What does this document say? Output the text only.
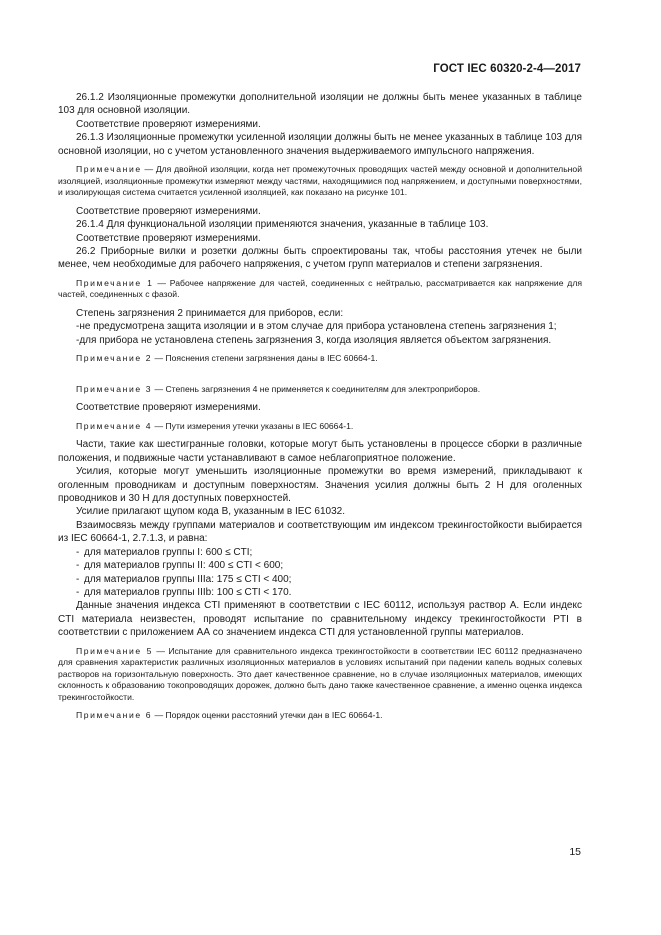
ГОСТ IEC 60320-2-4—2017

26.1.2 Изоляционные промежутки дополнительной изоляции не должны быть менее указанных в таблице 103 для основной изоляции.

Соответствие проверяют измерениями.

26.1.3 Изоляционные промежутки усиленной изоляции должны быть не менее указанных в таблице 103 для основной изоляции, но с учетом установленного значения выдерживаемого импульсного напряжения.

Примечание — Для двойной изоляции, когда нет промежуточных проводящих частей между основной и дополнительной изоляцией, изоляционные промежутки измеряют между частями, находящимися под напряжением, и доступными поверхностями, и изолирующая система считается усиленной изоляцией, как показано на рисунке 101.

Соответствие проверяют измерениями.

26.1.4 Для функциональной изоляции применяются значения, указанные в таблице 103.

Соответствие проверяют измерениями.

26.2 Приборные вилки и розетки должны быть спроектированы так, чтобы расстояния утечек не были менее, чем необходимые для рабочего напряжения, с учетом групп материалов и степени загрязнения.

Примечание 1 — Рабочее напряжение для частей, соединенных с нейтралью, рассматривается как напряжение для частей, соединенных с фазой.

Степень загрязнения 2 принимается для приборов, если:

-не предусмотрена защита изоляции и в этом случае для прибора установлена степень загрязнения 1;

-для прибора не установлена степень загрязнения 3, когда изоляция является объектом загрязнения.

Примечание 2 — Пояснения степени загрязнения даны в IEC 60664-1.

Примечание 3 — Степень загрязнения 4 не применяется к соединителям для электроприборов.

Соответствие проверяют измерениями.

Примечание 4 — Пути измерения утечки указаны в IEC 60664-1.

Части, такие как шестигранные головки, которые могут быть установлены в процессе сборки в различные положения, и подвижные части устанавливают в самое неблагоприятное положение.

Усилия, которые могут уменьшить изоляционные промежутки во время измерений, прикладывают к оголенным проводникам и доступным поверхностям. Значения усилия должны быть 2 Н для оголенных проводников и 30 Н для доступных поверхностей.

Усилие прилагают щупом кода В, указанным в IEC 61032.

Взаимосвязь между группами материалов и соответствующим им индексом трекингостойкости выбирается из IEC 60664-1, 2.7.1.3, и равна:

- для материалов группы I: 600 ≤ CTI;

- для материалов группы II: 400 ≤ CTI < 600;

- для материалов группы IIIa: 175 ≤ CTI < 400;

- для материалов группы IIIb: 100 ≤ CTI < 170.

Данные значения индекса CTI применяют в соответствии с IEC 60112, используя раствор А. Если индекс CTI материала неизвестен, проводят испытание по сравнительному индексу трекингостойкости PTI в соответствии с приложением АА со значением индекса CTI для установленной группы материалов.

Примечание 5 — Испытание для сравнительного индекса трекингостойкости в соответствии IEC 60112 предназначено для сравнения характеристик различных изоляционных материалов в условиях испытаний при падении капель водных солевых растворов на горизонтальную поверхность. Это дает качественное сравнение, но в случае изоляционных материалов, имеющих склонность к образованию токопроводящих дорожек, должно быть дано также качественное сравнение, а именно оценка индекса трекингостойкости.

Примечание 6 — Порядок оценки расстояний утечки дан в IEC 60664-1.

15
